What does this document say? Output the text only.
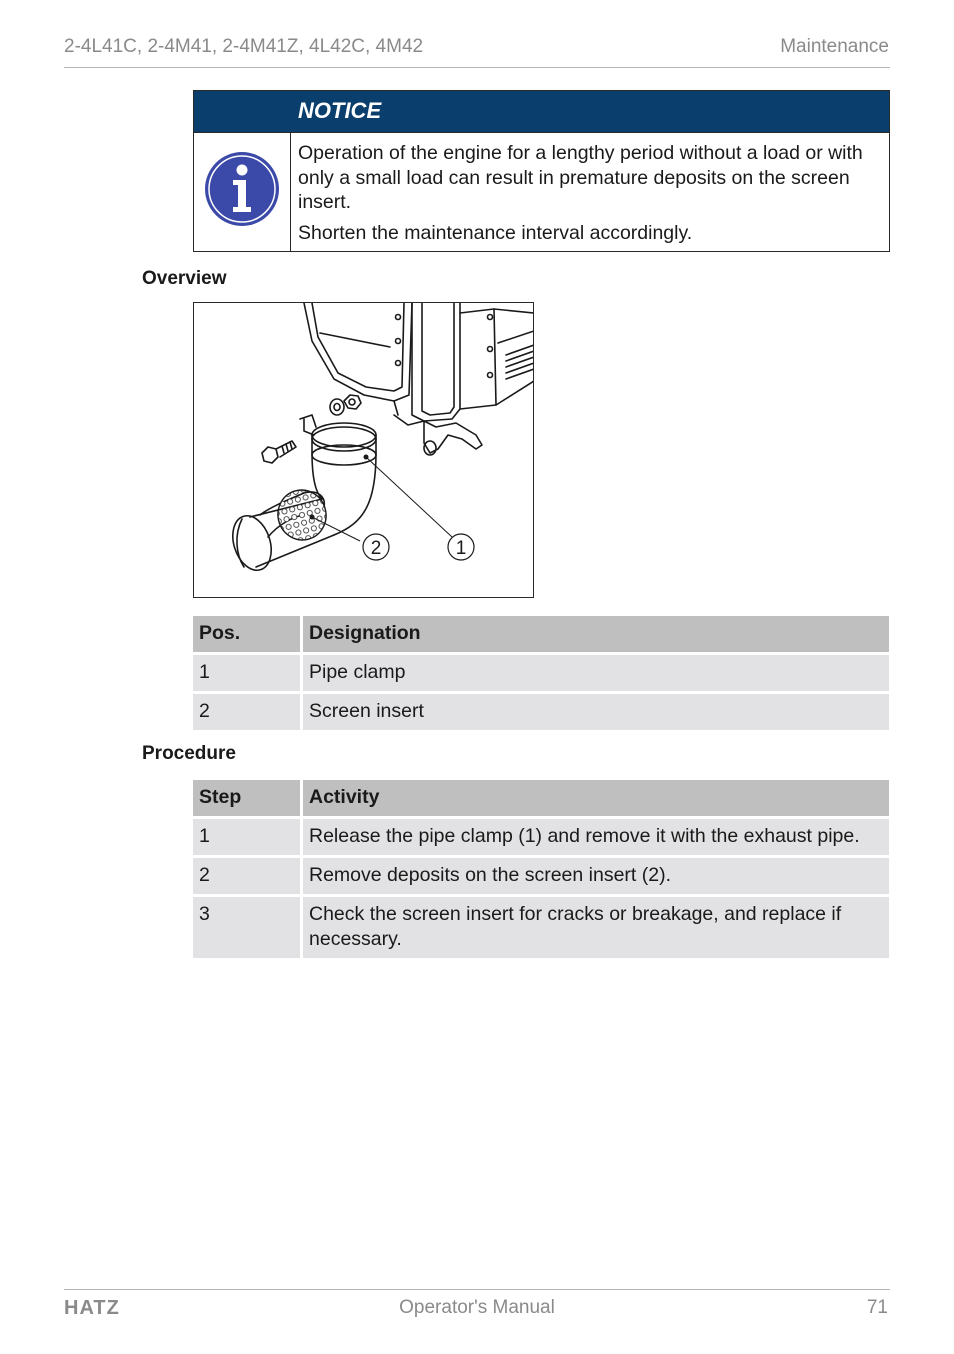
2-4L41C, 2-4M41, 2-4M41Z, 4L42C, 4M42	Maintenance
NOTICE

Operation of the engine for a lengthy period without a load or with only a small load can result in premature deposits on the screen insert.

Shorten the maintenance interval accordingly.

Overview
2	1
Pos.	Designation
1	Pipe clamp
2	Screen insert
Procedure
Step	Activity
1	Release the pipe clamp (1) and remove it with the exhaust pipe.
2	Remove deposits on the screen insert (2).
3	Check the screen insert for cracks or breakage, and replace if necessary.
HATZ	Operator's Manual	71
